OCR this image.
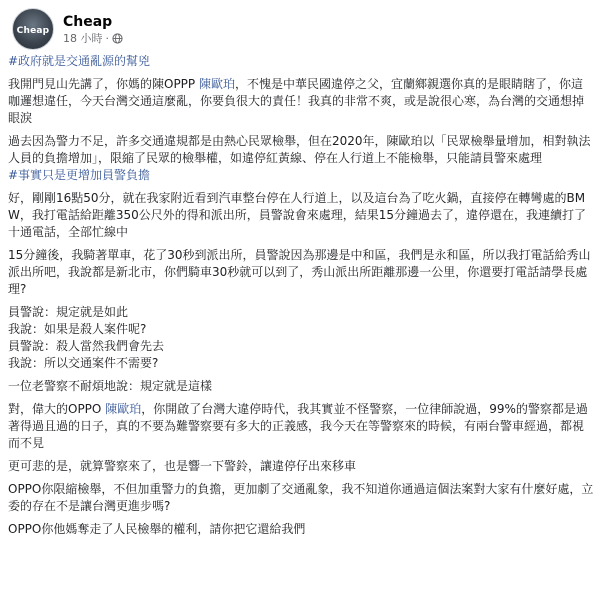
Cheap
Cheap
18 小時 ·

#政府就是交通亂源的幫兇

我開門見山先講了，你媽的陳OPPP 陳歐珀，不愧是中華民國違停之父，宜蘭鄉親選你真的是眼睛瞎了，你這咖邏想違任，今天台灣交通這麼亂，你要負很大的責任！我真的非常不爽，或是說很心寒，為台灣的交通想掉眼淚

過去因為警力不足，許多交通違規都是由熱心民眾檢舉，但在2020年，陳歐珀以「民眾檢舉量增加，相對執法人員的負擔增加」，限縮了民眾的檢舉權，如違停紅黃線、停在人行道上不能檢舉，只能請員警來處理

#事實只是更增加員警負擔

好，剛剛16點50分，就在我家附近看到汽車整台停在人行道上，以及這台為了吃火鍋，直接停在轉彎處的BMW，我打電話給距離350公尺外的得和派出所，員警說會來處理，結果15分鐘過去了，違停還在，我連續打了十通電話，全部忙線中

15分鐘後，我騎著單車，花了30秒到派出所，員警說因為那邊是中和區，我們是永和區，所以我打電話給秀山派出所吧，我說都是新北市，你們騎車30秒就可以到了，秀山派出所距離那邊一公里，你還要打電話請學長處理?

員警說：規定就是如此

我說：如果是殺人案件呢?

員警說：殺人當然我們會先去

我說：所以交通案件不需要?

一位老警察不耐煩地說：規定就是這樣

對，偉大的OPPO 陳歐珀，你開啟了台灣大違停時代，我其實並不怪警察，一位律師說過，99%的警察都是過著得過且過的日子，真的不要為難警察要有多大的正義感，我今天在等警察來的時候，有兩台警車經過，都視而不見

更可悲的是，就算警察來了，也是響一下警鈴，讓違停仔出來移車

OPPO你限縮檢舉，不但加重警力的負擔，更加劇了交通亂象，我不知道你通過這個法案對大家有什麼好處，立委的存在不是讓台灣更進步嗎?

OPPO你他媽奪走了人民檢舉的權利，請你把它還給我們
